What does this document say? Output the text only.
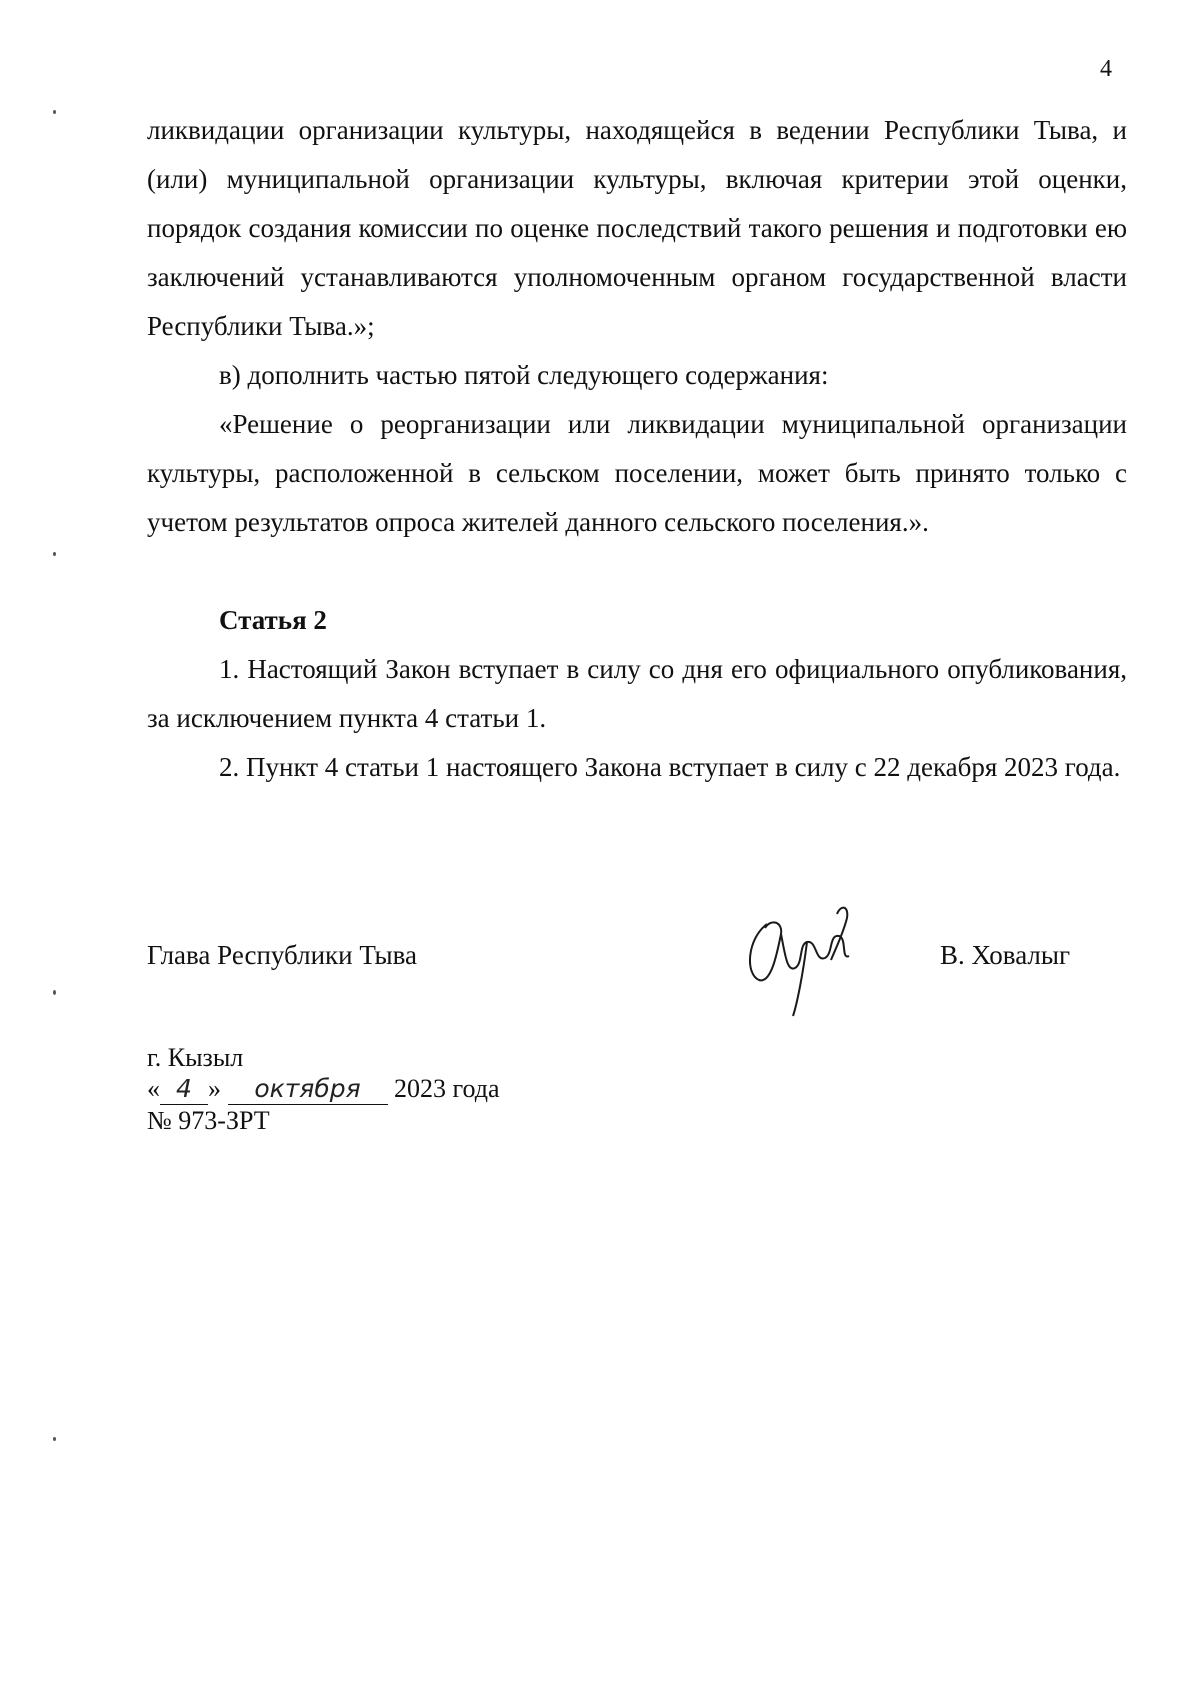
4

ликвидации организации культуры, находящейся в ведении Республики Тыва, и (или) муниципальной организации культуры, включая критерии этой оценки, порядок создания комиссии по оценке последствий такого решения и подготовки ею заключений устанавливаются уполномоченным органом государственной власти Республики Тыва.»;

в) дополнить частью пятой следующего содержания:

«Решение о реорганизации или ликвидации муниципальной организации культуры, расположенной в сельском поселении, может быть принято только с учетом результатов опроса жителей данного сельского поселения.».

Статья 2

1. Настоящий Закон вступает в силу со дня его официального опубликования, за исключением пункта 4 статьи 1.

2. Пункт 4 статьи 1 настоящего Закона вступает в силу с 22 декабря 2023 года.

Глава Республики Тыва	В. Ховалыг
г. Кызыл
« 4 » октября 2023 года
№ 973-ЗРТ
